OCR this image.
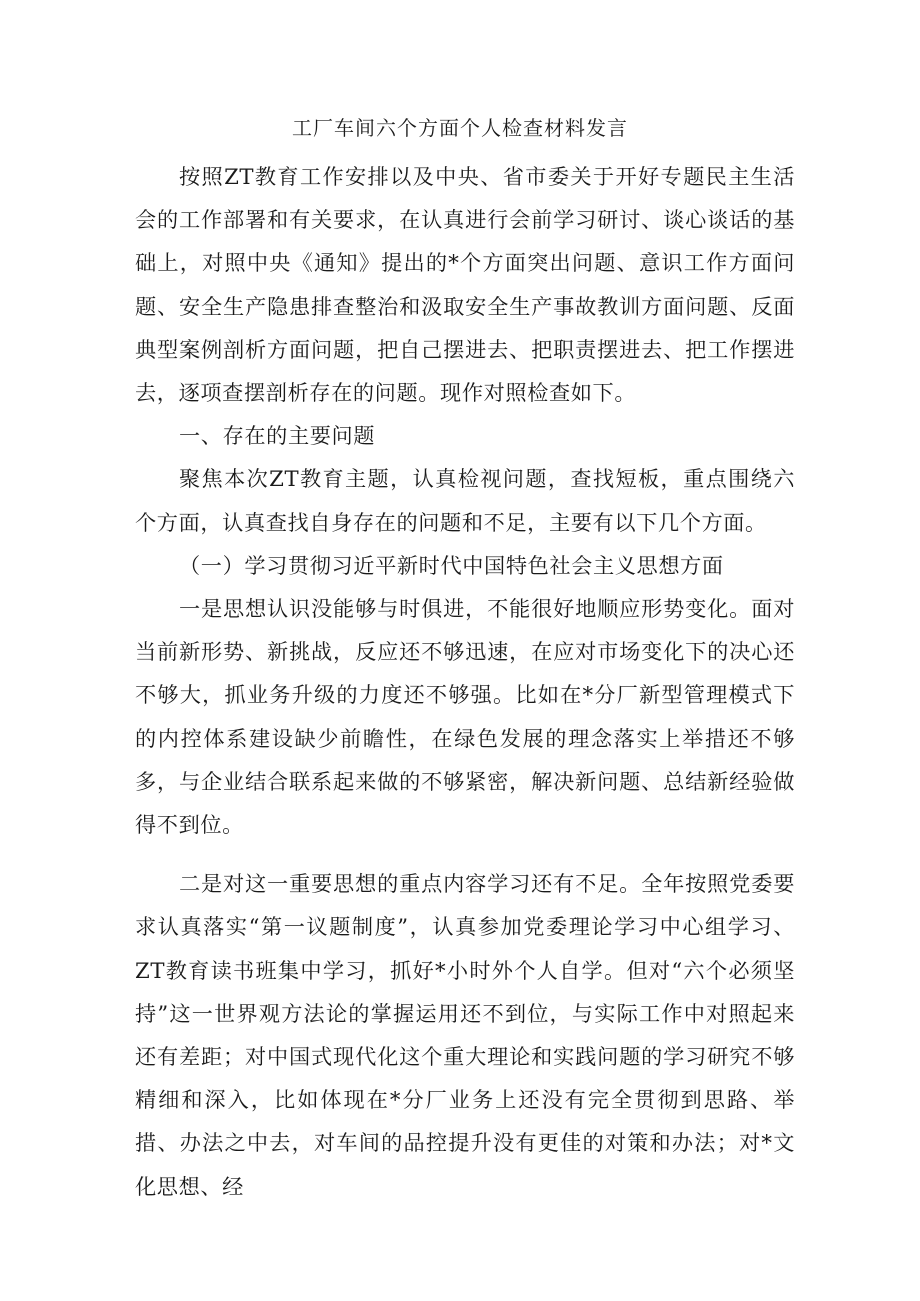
工厂车间六个方面个人检查材料发言

按照ZT教育工作安排以及中央、省市委关于开好专题民主生活会的工作部署和有关要求，在认真进行会前学习研讨、谈心谈话的基础上，对照中央《通知》提出的*个方面突出问题、意识工作方面问题、安全生产隐患排查整治和汲取安全生产事故教训方面问题、反面典型案例剖析方面问题，把自己摆进去、把职责摆进去、把工作摆进去，逐项查摆剖析存在的问题。现作对照检查如下。

一、存在的主要问题

聚焦本次ZT教育主题，认真检视问题，查找短板，重点围绕六个方面，认真查找自身存在的问题和不足，主要有以下几个方面。

（一）学习贯彻习近平新时代中国特色社会主义思想方面

一是思想认识没能够与时俱进，不能很好地顺应形势变化。面对当前新形势、新挑战，反应还不够迅速，在应对市场变化下的决心还不够大，抓业务升级的力度还不够强。比如在*分厂新型管理模式下的内控体系建设缺少前瞻性，在绿色发展的理念落实上举措还不够多，与企业结合联系起来做的不够紧密，解决新问题、总结新经验做得不到位。

二是对这一重要思想的重点内容学习还有不足。全年按照党委要求认真落实“第一议题制度”，认真参加党委理论学习中心组学习、ZT教育读书班集中学习，抓好*小时外个人自学。但对“六个必须坚持”这一世界观方法论的掌握运用还不到位，与实际工作中对照起来还有差距；对中国式现代化这个重大理论和实践问题的学习研究不够精细和深入，比如体现在*分厂业务上还没有完全贯彻到思路、举措、办法之中去，对车间的品控提升没有更佳的对策和办法；对*文化思想、经
